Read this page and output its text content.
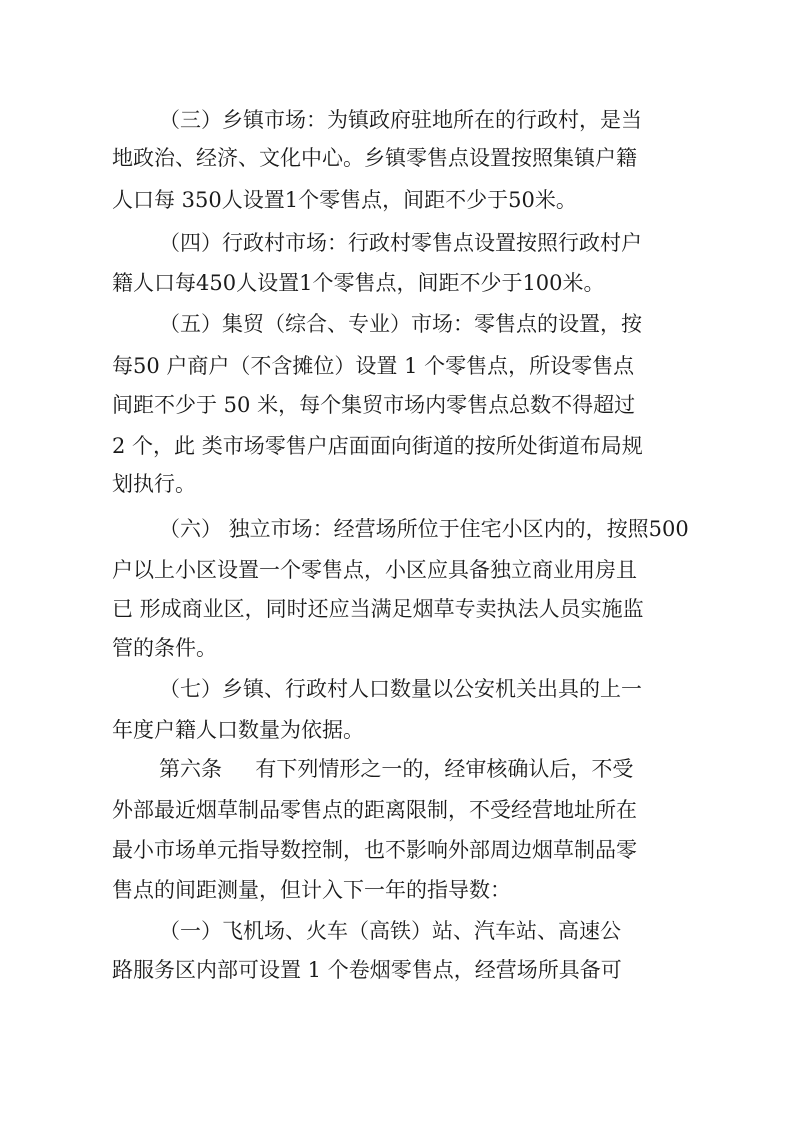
（三）乡镇市场：为镇政府驻地所在的行政村，是当
地政治、经济、文化中心。乡镇零售点设置按照集镇户籍
人口每 350人设置1个零售点，间距不少于50米。
（四）行政村市场：行政村零售点设置按照行政村户
籍人口每450人设置1个零售点，间距不少于100米。
（五）集贸（综合、专业）市场：零售点的设置，按
每50 户商户（不含摊位）设置 1 个零售点，所设零售点
间距不少于 50 米，每个集贸市场内零售点总数不得超过
2 个，此 类市场零售户店面面向街道的按所处街道布局规
划执行。
（六） 独立市场：经营场所位于住宅小区内的，按照500
户以上小区设置一个零售点，小区应具备独立商业用房且
已 形成商业区，同时还应当满足烟草专卖执法人员实施监
管的条件。
（七）乡镇、行政村人口数量以公安机关出具的上一
年度户籍人口数量为依据。
第六条     有下列情形之一的，经审核确认后，不受
外部最近烟草制品零售点的距离限制，不受经营地址所在
最小市场单元指导数控制，也不影响外部周边烟草制品零
售点的间距测量，但计入下一年的指导数：
（一）飞机场、火车（高铁）站、汽车站、高速公
路服务区内部可设置 1 个卷烟零售点，经营场所具备可
